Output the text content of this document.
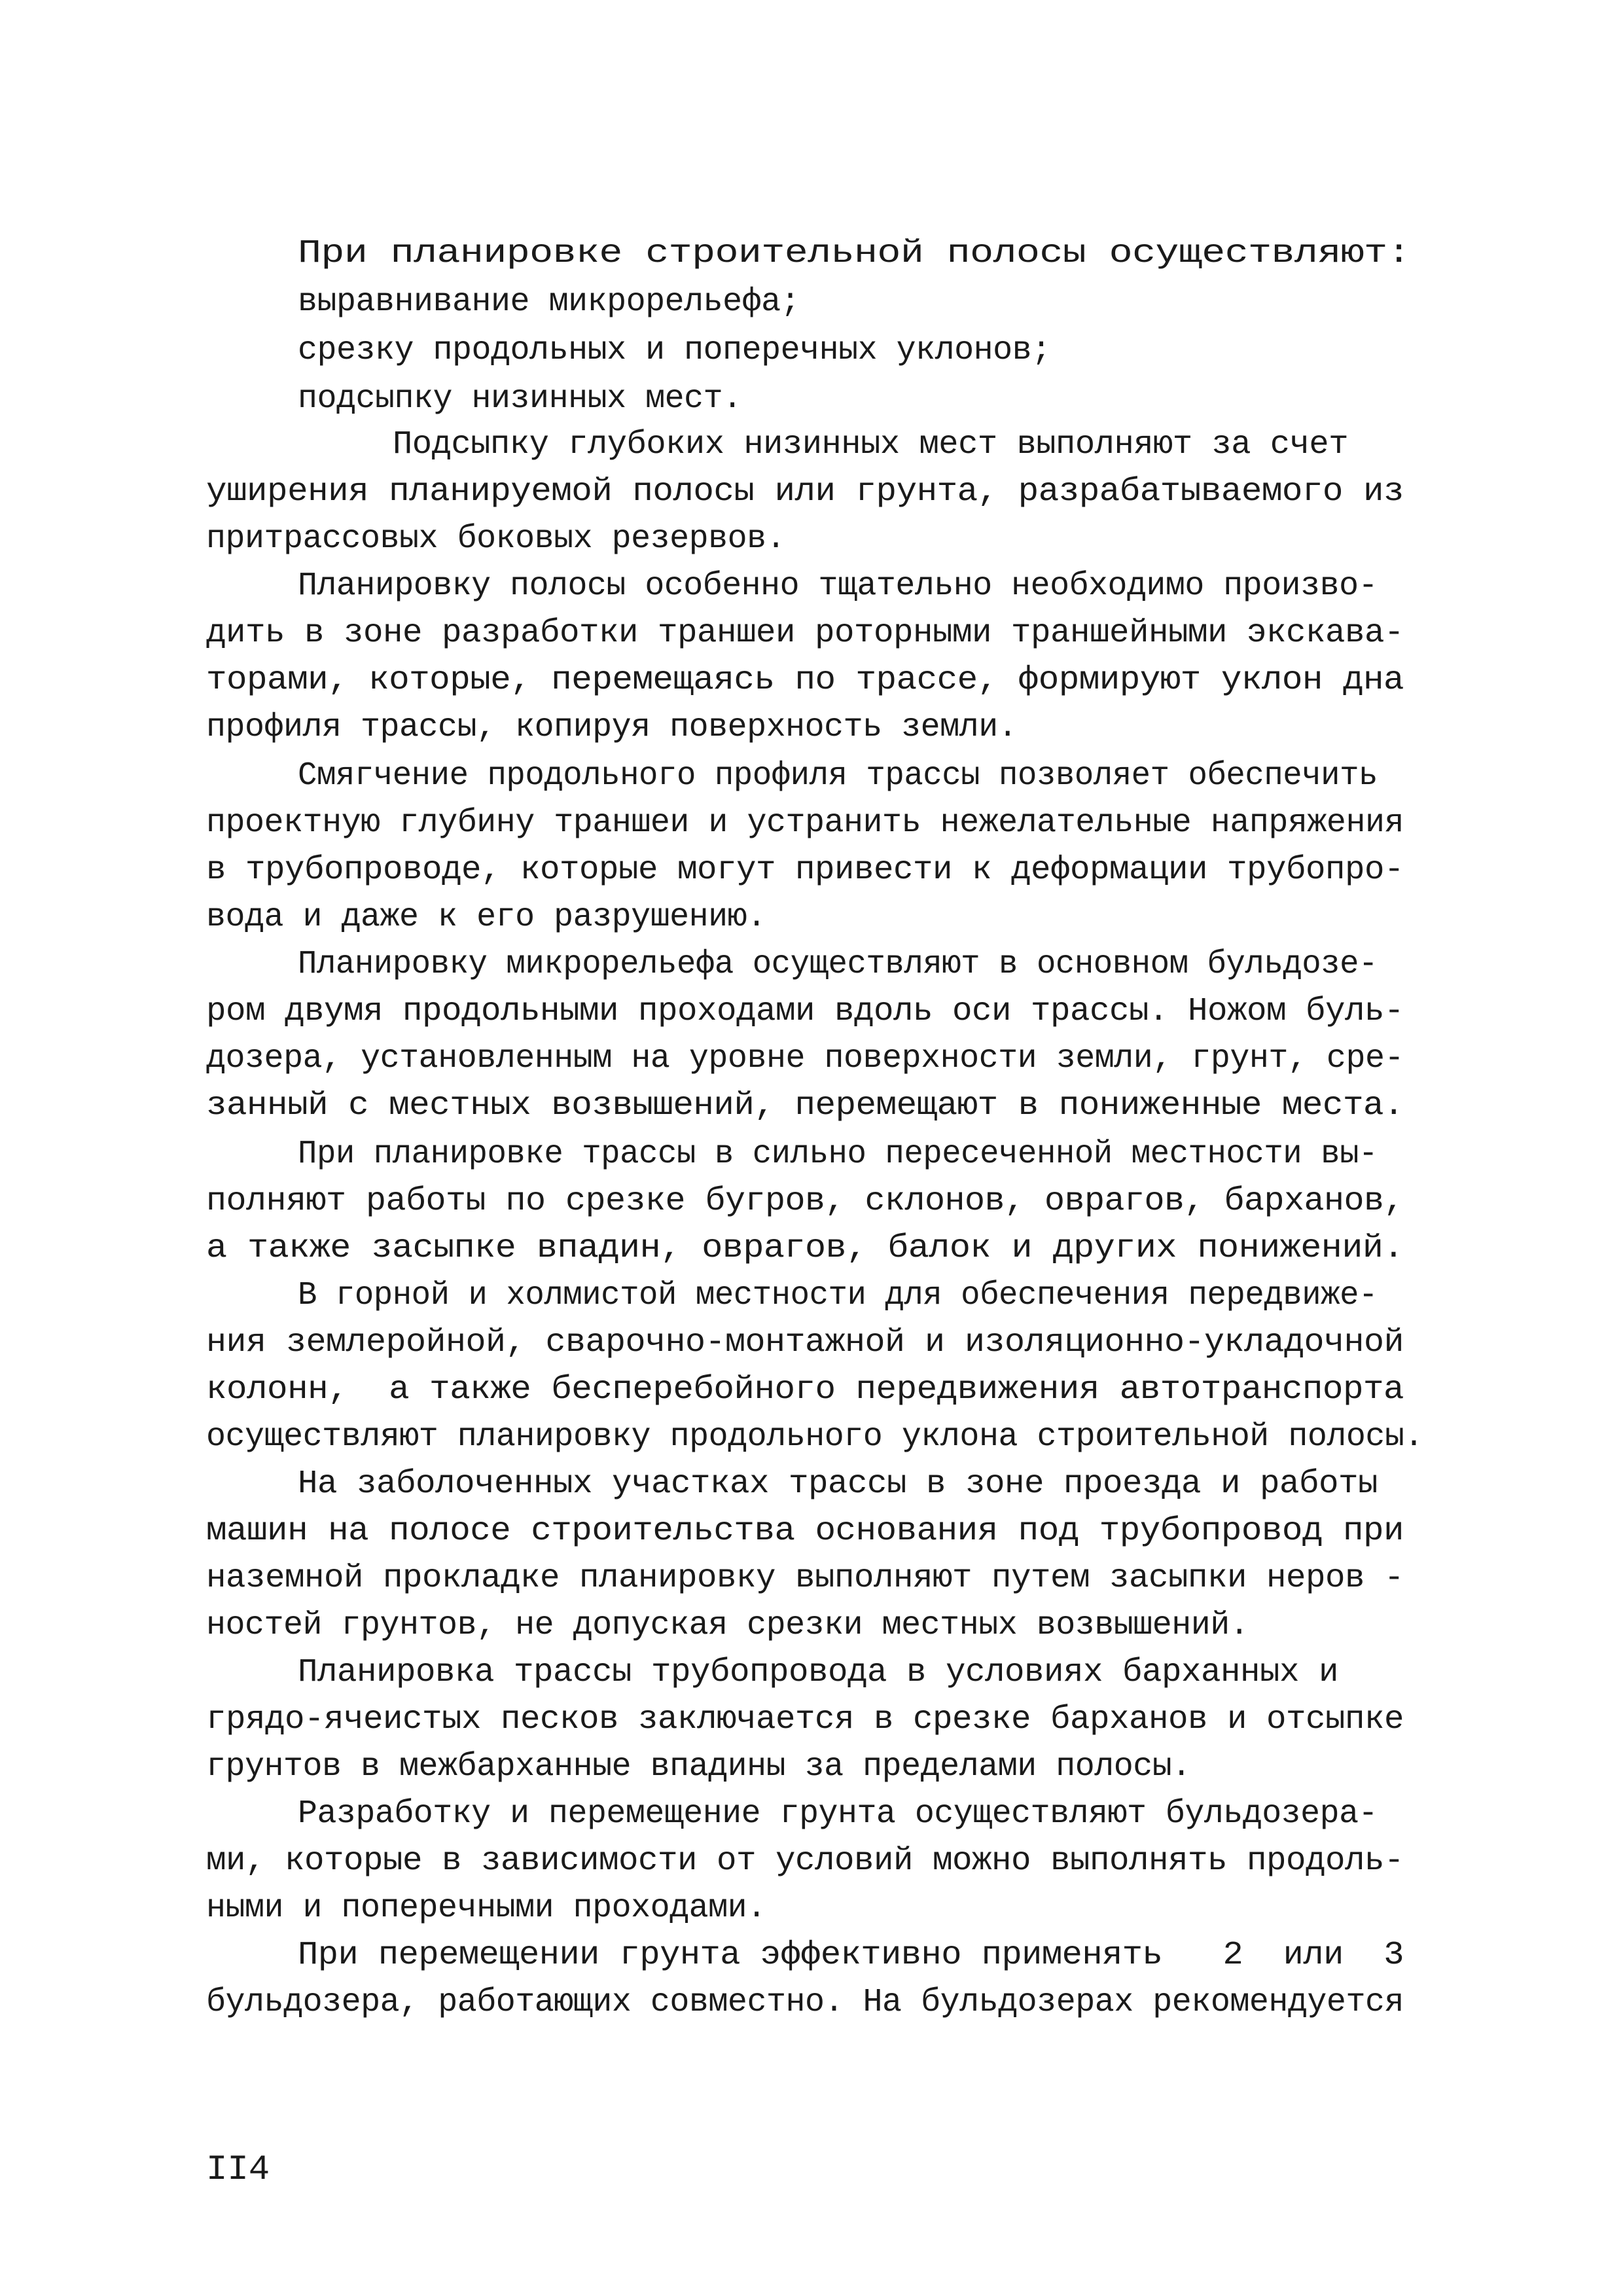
При планировке строительной полосы осуществляют:
выравнивание микрорельефа;
срезку продольных и поперечных уклонов;
подсыпку низинных мест.
Подсыпку глубоких низинных мест выполняют за счет
уширения планируемой полосы или грунта, разрабатываемого из
притрассовых боковых резервов.
Планировку полосы особенно тщательно необходимо произво-
дить в зоне разработки траншеи роторными траншейными экскава-
торами, которые, перемещаясь по трассе, формируют уклон дна
профиля трассы, копируя поверхность земли.
Смягчение продольного профиля трассы позволяет обеспечить
проектную глубину траншеи и устранить нежелательные напряжения
в трубопроводе, которые могут привести к деформации трубопро-
вода и даже к его разрушению.
Планировку микрорельефа осуществляют в основном бульдозе-
ром двумя продольными проходами вдоль оси трассы. Ножом буль-
дозера, установленным на уровне поверхности земли, грунт, сре-
занный с местных возвышений, перемещают в пониженные места.
При планировке трассы в сильно пересеченной местности вы-
полняют работы по срезке бугров, склонов, оврагов, барханов,
а также засыпке впадин, оврагов, балок и других понижений.
В горной и холмистой местности для обеспечения передвиже-
ния землеройной, сварочно-монтажной и изоляционно-укладочной
колонн,  а также бесперебойного передвижения автотранспорта
осуществляют планировку продольного уклона строительной полосы.
На заболоченных участках трассы в зоне проезда и работы
машин на полосе строительства основания под трубопровод при
наземной прокладке планировку выполняют путем засыпки неров -
ностей грунтов, не допуская срезки местных возвышений.
Планировка трассы трубопровода в условиях барханных и
грядо-ячеистых песков заключается в срезке барханов и отсыпке
грунтов в межбарханные впадины за пределами полосы.
Разработку и перемещение грунта осуществляют бульдозера-
ми, которые в зависимости от условий можно выполнять продоль-
ными и поперечными проходами.
При перемещении грунта эффективно применять   2  или  3
бульдозера, работающих совместно. На бульдозерах рекомендуется
II4
